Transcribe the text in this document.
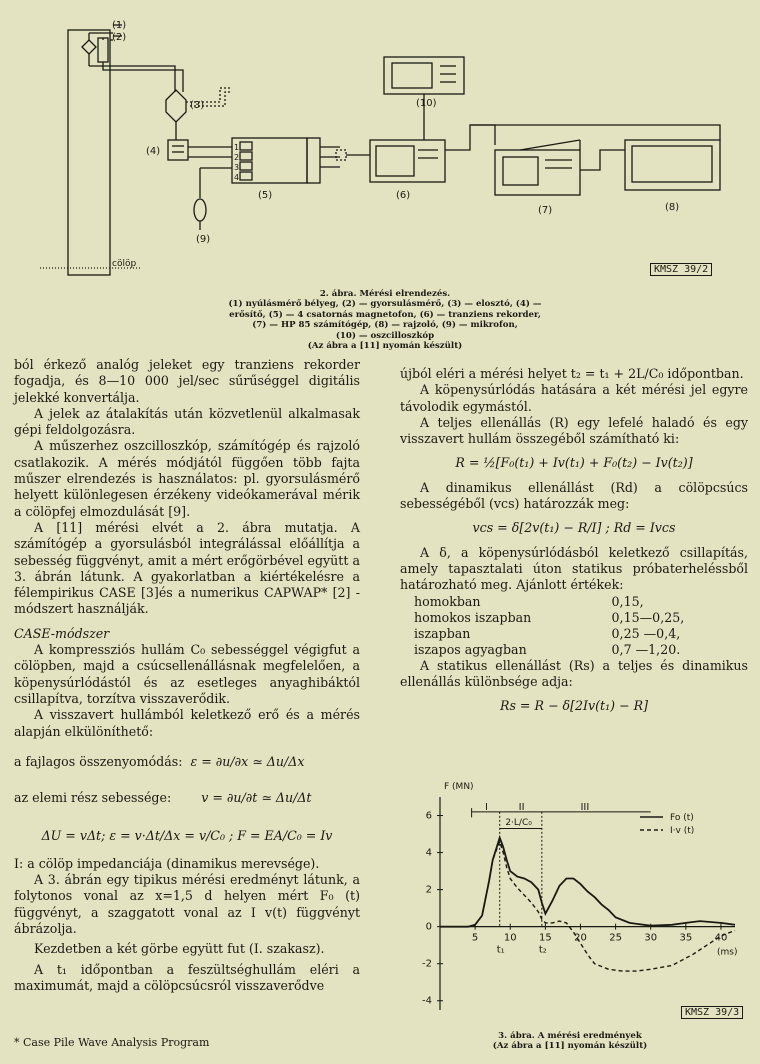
(1)
(2)
(3)
(4)
(5)	(6)
(7)	(8)
(9)
(10)
cölöp
1
2
3
4
KMSZ 39/2
2. ábra. Mérési elrendezés.
(1) nyúlásmérő bélyeg, (2) — gyorsulásmérő, (3) — elosztó, (4) —
erősítő, (5) — 4 csatornás magnetofon, (6) — tranziens rekorder,
(7) — HP 85 számítógép, (8) — rajzoló, (9) — mikrofon,
(10) — oszcilloszkóp
(Az ábra a [11] nyomán készült)

ból érkező analóg jeleket egy tranziens rekorder fogadja, és 8—10 000 jel/sec sűrűséggel digitális jelekké konvertálja.

A jelek az átalakítás után közvetlenül alkalmasak gépi feldolgozásra.

A műszerhez oszcilloszkóp, számítógép és rajzoló csatlakozik. A mérés módjától függően több fajta műszer elrendezés is használatos: pl. gyorsulásmérő helyett különlegesen érzékeny videókamerával mérik a cölöpfej elmozdulását [9].

A [11] mérési elvét a 2. ábra mutatja. A számítógép a gyorsulásból integrálással előállítja a sebesség függvényt, amit a mért erőgörbével együtt a 3. ábrán látunk. A gyakorlatban a kiértékelésre a félempirikus CASE [3]és a numerikus CAPWAP* [2] -módszert használják.

CASE-módszer

A kompressziós hullám C₀ sebességgel végigfut a cölöpben, majd a csúcsellenállásnak megfelelően, a köpenysúrlódástól és az esetleges anyaghibáktól csillapítva, torzítva visszaverődik.

A visszavert hullámból keletkező erő és a mérés alapján elkülöníthető:

a fajlagos összenyomódás: ε = ∂u/∂x ≃ Δu/Δx
az elemi rész sebessége: v = ∂u/∂t ≃ Δu/Δt

ΔU = vΔt; ε = v·Δt/Δx = v/C₀ ; F = EA/C₀ = Iv

I: a cölöp impedanciája (dinamikus merevsége).

A 3. ábrán egy tipikus mérési eredményt látunk, a folytonos vonal az x=1,5 d helyen mért F₀ (t) függvényt, a szaggatott vonal az I v(t) függvényt ábrázolja.

Kezdetben a két görbe együtt fut (I. szakasz).

A t₁ időpontban a feszültséghullám eléri a maximumát, majd a cölöpcsúcsról visszaverődve

* Case Pile Wave Analysis Program

újból eléri a mérési helyet t₂ = t₁ + 2L/C₀ időpontban.

A köpenysúrlódás hatására a két mérési jel egyre távolodik egymástól.

A teljes ellenállás (R) egy lefelé haladó és egy visszavert hullám összegéből számítható ki:

R = ½[F₀(t₁) + Iv(t₁) + F₀(t₂) − Iv(t₂)]

A dinamikus ellenállást (Rd) a cölöpcsúcs sebességéből (vcs) határozzák meg:

vcs = δ[2v(t₁) − R/I] ; Rd = Ivcs

A δ, a köpenysúrlódásból keletkező csillapítás, amely tapasztalati úton statikus próbaterheléssből határozható meg. Ajánlott értékek:

homokban	0,15,
homokos iszapban	0,15—0,25,
iszapban	0,25 —0,4,
iszapos agyagban	0,7 —1,20.

A statikus ellenállást (Rs) a teljes és dinamikus ellenállás különbsége adja:

Rs = R − δ[2Iv(t₁) − R]

F (MN)
(ms)
-4
-2
0
2
4
6
5	10 15 20 25 30 35 40
t₁	t₂
I	II	III
2·L/C₀	Fo (t)
I·v (t)
KMSZ 39/3
3. ábra. A mérési eredmények
(Az ábra a [11] nyomán készült)
